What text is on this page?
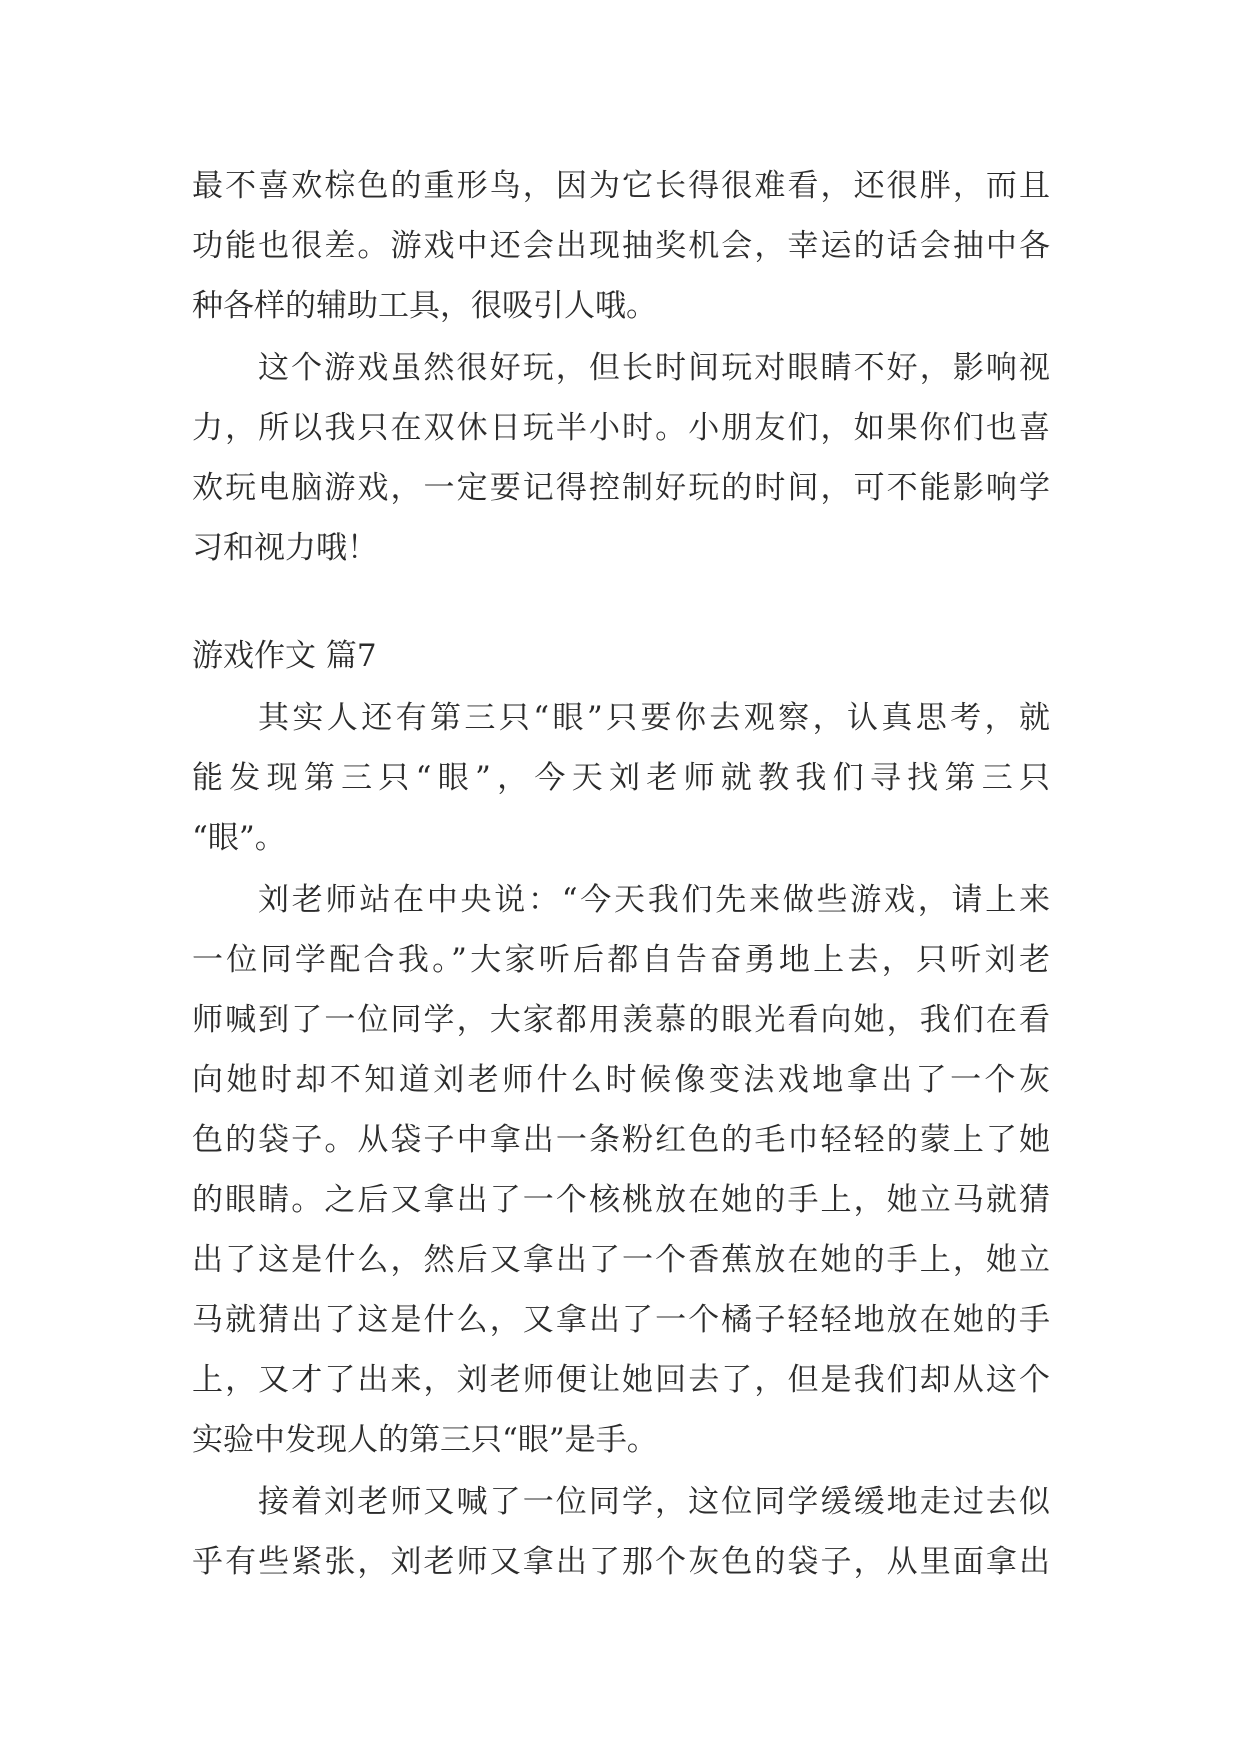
最不喜欢棕色的重形鸟，因为它长得很难看，还很胖，而且
功能也很差。游戏中还会出现抽奖机会，幸运的话会抽中各
种各样的辅助工具，很吸引人哦。
这个游戏虽然很好玩，但长时间玩对眼睛不好，影响视
力，所以我只在双休日玩半小时。小朋友们，如果你们也喜
欢玩电脑游戏，一定要记得控制好玩的时间，可不能影响学
习和视力哦！
游戏作文 篇7
其实人还有第三只“眼”只要你去观察，认真思考，就
能发现第三只“眼”，今天刘老师就教我们寻找第三只
“眼”。
刘老师站在中央说：“今天我们先来做些游戏，请上来
一位同学配合我。”大家听后都自告奋勇地上去，只听刘老
师喊到了一位同学，大家都用羡慕的眼光看向她，我们在看
向她时却不知道刘老师什么时候像变法戏地拿出了一个灰
色的袋子。从袋子中拿出一条粉红色的毛巾轻轻的蒙上了她
的眼睛。之后又拿出了一个核桃放在她的手上，她立马就猜
出了这是什么，然后又拿出了一个香蕉放在她的手上，她立
马就猜出了这是什么，又拿出了一个橘子轻轻地放在她的手
上，又才了出来，刘老师便让她回去了，但是我们却从这个
实验中发现人的第三只“眼”是手。
接着刘老师又喊了一位同学，这位同学缓缓地走过去似
乎有些紧张，刘老师又拿出了那个灰色的袋子，从里面拿出
